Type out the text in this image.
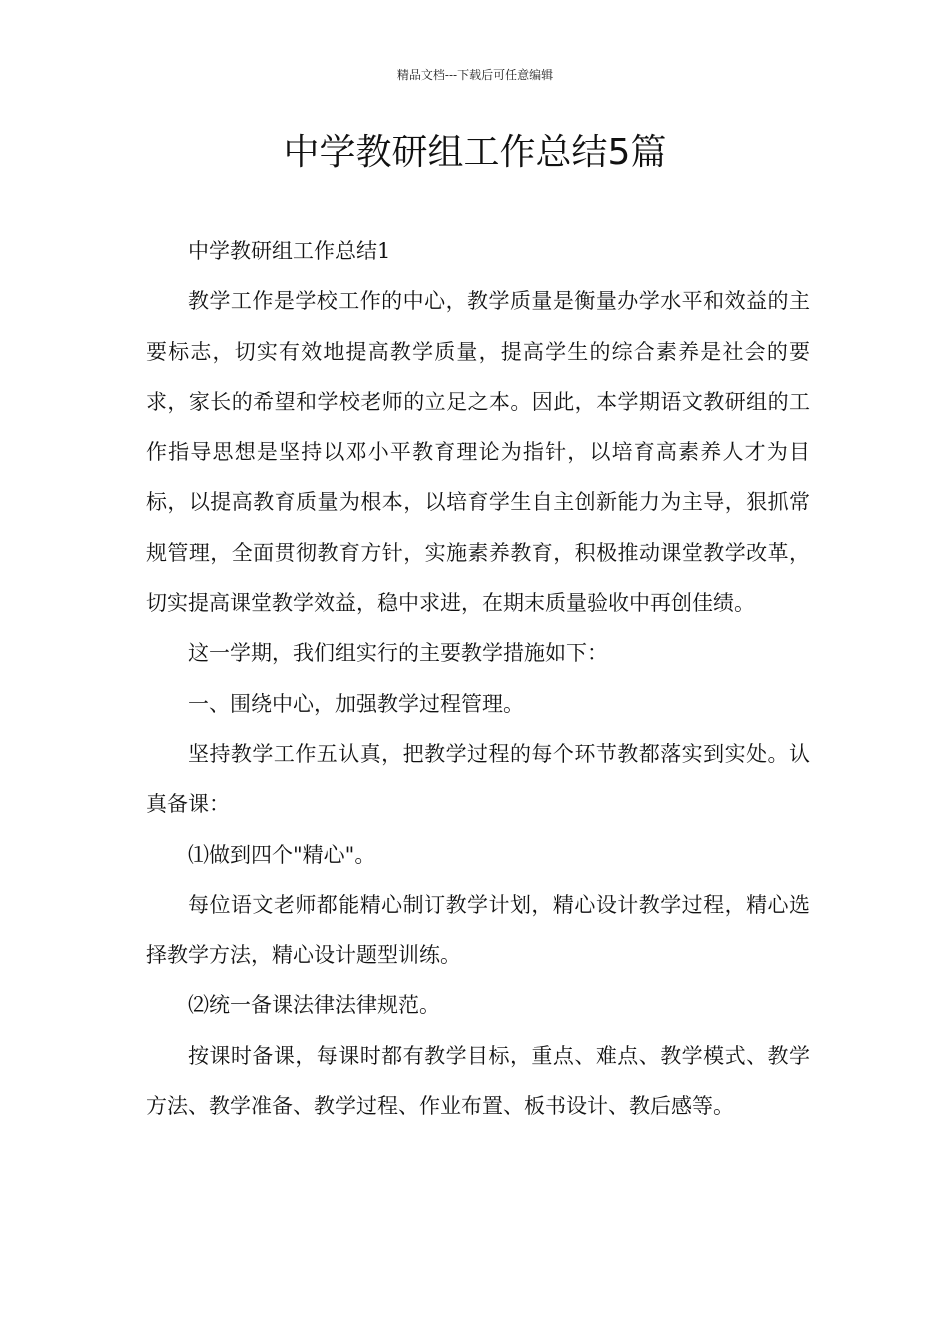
精品文档---下载后可任意编辑
中学教研组工作总结5篇

中学教研组工作总结1

教学工作是学校工作的中心，教学质量是衡量办学水平和效益的主要标志，切实有效地提高教学质量，提高学生的综合素养是社会的要求，家长的希望和学校老师的立足之本。因此，本学期语文教研组的工作指导思想是坚持以邓小平教育理论为指针，以培育高素养人才为目标，以提高教育质量为根本，以培育学生自主创新能力为主导，狠抓常规管理，全面贯彻教育方针，实施素养教育，积极推动课堂教学改革，切实提高课堂教学效益，稳中求进，在期末质量验收中再创佳绩。

这一学期，我们组实行的主要教学措施如下：

一、围绕中心，加强教学过程管理。

坚持教学工作五认真，把教学过程的每个环节教都落实到实处。认真备课：

⑴做到四个"精心"。

每位语文老师都能精心制订教学计划，精心设计教学过程，精心选择教学方法，精心设计题型训练。

⑵统一备课法律法律规范。

按课时备课，每课时都有教学目标，重点、难点、教学模式、教学方法、教学准备、教学过程、作业布置、板书设计、教后感等。
